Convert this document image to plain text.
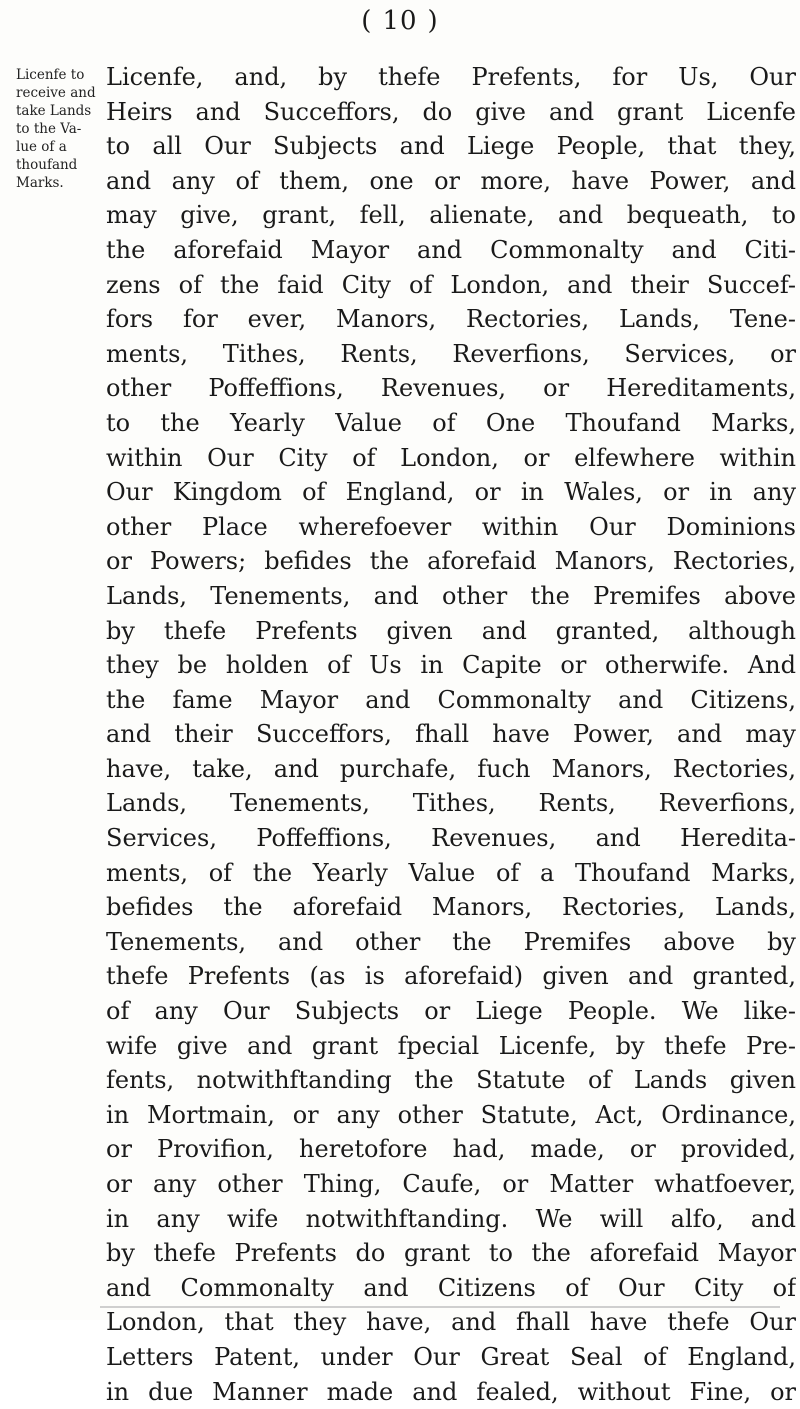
( 10 )
Licenfe to
receive and
take Lands
to the Va-
lue of a
thoufand
Marks.
Licenfe, and, by thefe Prefents, for Us, Our
Heirs and Succeffors, do give and grant Licenfe
to all Our Subjects and Liege People, that they,
and any of them, one or more, have Power, and
may give, grant, fell, alienate, and bequeath, to
the aforefaid Mayor and Commonalty and Citi-
zens of the faid City of London, and their Succef-
fors for ever, Manors, Rectories, Lands, Tene-
ments, Tithes, Rents, Reverfions, Services, or
other Poffeffions, Revenues, or Hereditaments,
to the Yearly Value of One Thoufand Marks,
within Our City of London, or elfewhere within
Our Kingdom of England, or in Wales, or in any
other Place wherefoever within Our Dominions
or Powers; befides the aforefaid Manors, Rectories,
Lands, Tenements, and other the Premifes above
by thefe Prefents given and granted, although
they be holden of Us in Capite or otherwife. And
the fame Mayor and Commonalty and Citizens,
and their Succeffors, fhall have Power, and may
have, take, and purchafe, fuch Manors, Rectories,
Lands, Tenements, Tithes, Rents, Reverfions,
Services, Poffeffions, Revenues, and Heredita-
ments, of the Yearly Value of a Thoufand Marks,
befides the aforefaid Manors, Rectories, Lands,
Tenements, and other the Premifes above by
thefe Prefents (as is aforefaid) given and granted,
of any Our Subjects or Liege People. We like-
wife give and grant fpecial Licenfe, by thefe Pre-
fents, notwithftanding the Statute of Lands given
in Mortmain, or any other Statute, Act, Ordinance,
or Provifion, heretofore had, made, or provided,
or any other Thing, Caufe, or Matter whatfoever,
in any wife notwithftanding. We will alfo, and
by thefe Prefents do grant to the aforefaid Mayor
and Commonalty and Citizens of Our City of
London, that they have, and fhall have thefe Our
Letters Patent, under Our Great Seal of England,
in due Manner made and fealed, without Fine, or
